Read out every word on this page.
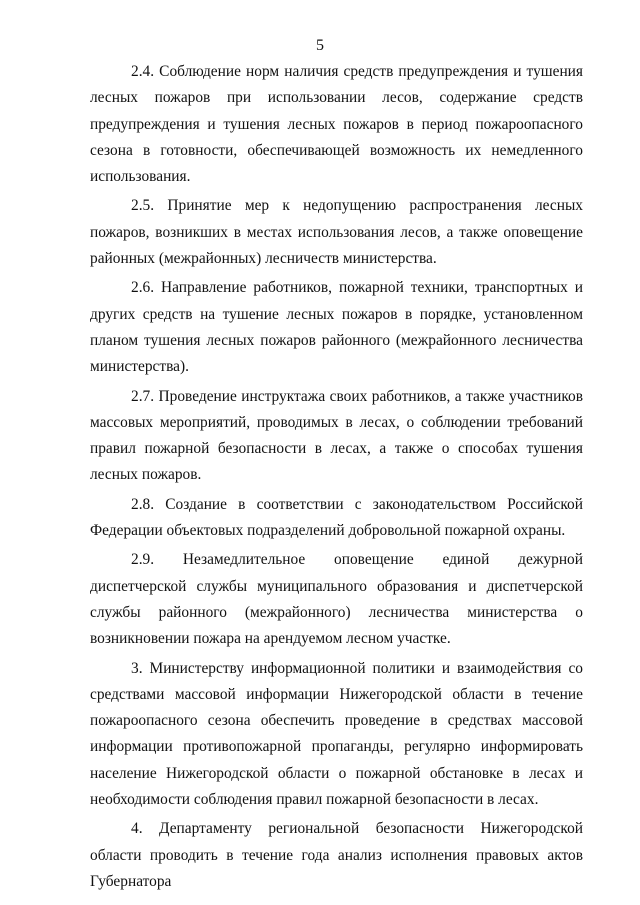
5

2.4. Соблюдение норм наличия средств предупреждения и тушения лесных пожаров при использовании лесов, содержание средств предупреждения и тушения лесных пожаров в период пожароопасного сезона в готовности, обеспечивающей возможность их немедленного использования.

2.5. Принятие мер к недопущению распространения лесных пожаров, возникших в местах использования лесов, а также оповещение районных (межрайонных) лесничеств министерства.

2.6. Направление работников, пожарной техники, транспортных и других средств на тушение лесных пожаров в порядке, установленном планом тушения лесных пожаров районного (межрайонного лесничества министерства).

2.7. Проведение инструктажа своих работников, а также участников массовых мероприятий, проводимых в лесах, о соблюдении требований правил пожарной безопасности в лесах, а также о способах тушения лесных пожаров.

2.8. Создание в соответствии с законодательством Российской Федерации объектовых подразделений добровольной пожарной охраны.

2.9. Незамедлительное оповещение единой дежурной диспетчерской службы муниципального образования и диспетчерской службы районного (межрайонного) лесничества министерства о возникновении пожара на арендуемом лесном участке.

3. Министерству информационной политики и взаимодействия со средствами массовой информации Нижегородской области в течение пожароопасного сезона обеспечить проведение в средствах массовой информации противопожарной пропаганды, регулярно информировать население Нижегородской области о пожарной обстановке в лесах и необходимости соблюдения правил пожарной безопасности в лесах.

4. Департаменту региональной безопасности Нижегородской области проводить в течение года анализ исполнения правовых актов Губернатора
